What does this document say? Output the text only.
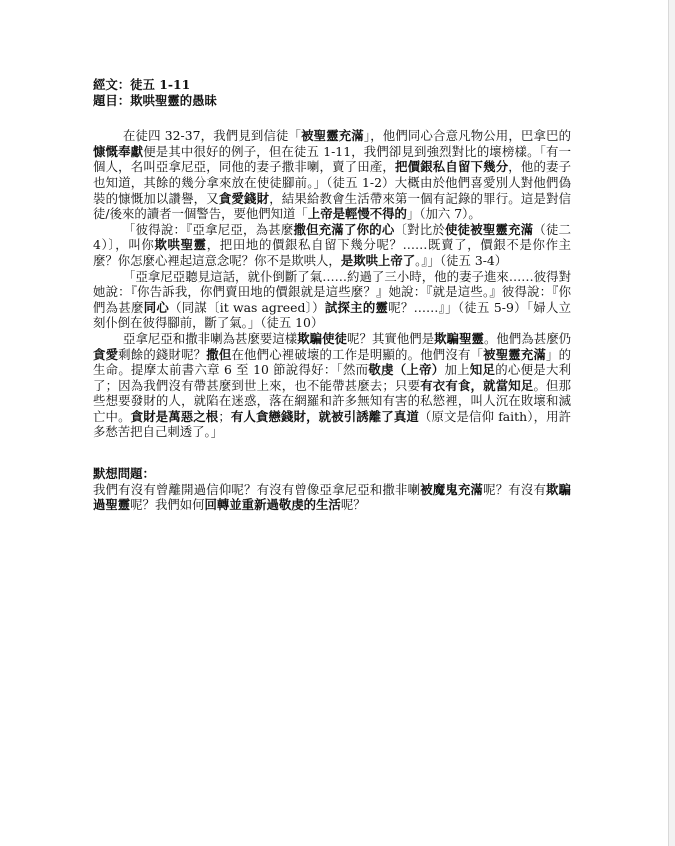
經文：徒五 1-11

題目：欺哄聖靈的愚昧

在徒四 32-37，我們見到信徒「被聖靈充滿」，他們同心合意凡物公用，巴拿巴的慷慨奉獻便是其中很好的例子，但在徒五 1-11，我們卻見到強烈對比的壞榜樣。「有一個人，名叫亞拿尼亞，同他的妻子撒非喇，賣了田產，把價銀私自留下幾分，他的妻子也知道，其餘的幾分拿來放在使徒腳前。」（徒五 1-2）大概由於他們喜愛別人對他們偽裝的慷慨加以讚譽，又貪愛錢財，結果給教會生活帶來第一個有記錄的罪行。這是對信徒/後來的讀者一個警告，要他們知道「上帝是輕慢不得的」（加六 7）。

「彼得說：『亞拿尼亞，為甚麼撒但充滿了你的心〔對比於使徒被聖靈充滿（徒二 4）〕，叫你欺哄聖靈，把田地的價銀私自留下幾分呢？……既賣了，價銀不是你作主麼？你怎麼心裡起這意念呢？你不是欺哄人，是欺哄上帝了。』」（徒五 3-4）

「亞拿尼亞聽見這話，就仆倒斷了氣……約過了三小時，他的妻子進來……彼得對她說：『你告訴我，你們賣田地的價銀就是這些麼？』她說：『就是這些。』彼得說：『你們為甚麼同心（同謀〔it was agreed〕）試探主的靈呢？……』」（徒五 5-9）「婦人立刻仆倒在彼得腳前，斷了氣。」（徒五 10）

亞拿尼亞和撒非喇為甚麼要這樣欺騙使徒呢？其實他們是欺騙聖靈。他們為甚麼仍貪愛剩餘的錢財呢？撒但在他們心裡破壞的工作是明顯的。他們沒有「被聖靈充滿」的生命。提摩太前書六章 6 至 10 節說得好：「然而敬虔（上帝）加上知足的心便是大利了；因為我們沒有帶甚麼到世上來，也不能帶甚麼去；只要有衣有食，就當知足。但那些想要發財的人，就陷在迷惑，落在網羅和許多無知有害的私慾裡，叫人沉在敗壞和滅亡中。貪財是萬惡之根；有人貪戀錢財，就被引誘離了真道（原文是信仰 faith），用許多愁苦把自己刺透了。」

默想問題：

我們有沒有曾離開過信仰呢？有沒有曾像亞拿尼亞和撒非喇被魔鬼充滿呢？有沒有欺騙過聖靈呢？我們如何回轉並重新過敬虔的生活呢？
